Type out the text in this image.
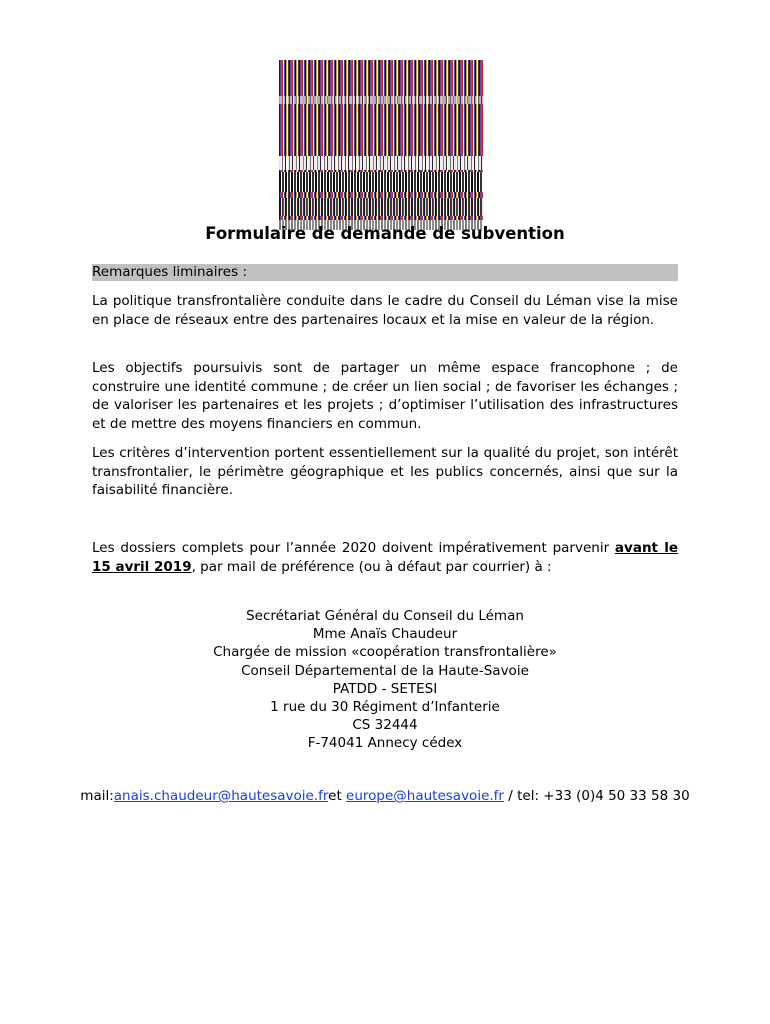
Formulaire de demande de subvention
Remarques liminaires :
La politique transfrontalière conduite dans le cadre du Conseil du Léman vise la mise en place de réseaux entre des partenaires locaux et la mise en valeur de la région.
Les objectifs poursuivis sont de partager un même espace francophone ; de construire une identité commune ; de créer un lien social ; de favoriser les échanges ; de valoriser les partenaires et les projets ; d’optimiser l’utilisation des infrastructures et de mettre des moyens financiers en commun.
Les critères d’intervention portent essentiellement sur la qualité du projet, son intérêt transfrontalier, le périmètre géographique et les publics concernés, ainsi que sur la faisabilité financière.
Les dossiers complets pour l’année 2020 doivent impérativement parvenir avant le 15 avril 2019, par mail de préférence (ou à défaut par courrier) à :
Secrétariat Général du Conseil du Léman
Mme Anaïs Chaudeur
Chargée de mission «coopération transfrontalière»
Conseil Départemental de la Haute-Savoie
PATDD - SETESI
1 rue du 30 Régiment d’Infanterie
CS 32444
F-74041 Annecy cédex
mail:anais.chaudeur@hautesavoie.fret europe@hautesavoie.fr / tel: +33 (0)4 50 33 58 30
